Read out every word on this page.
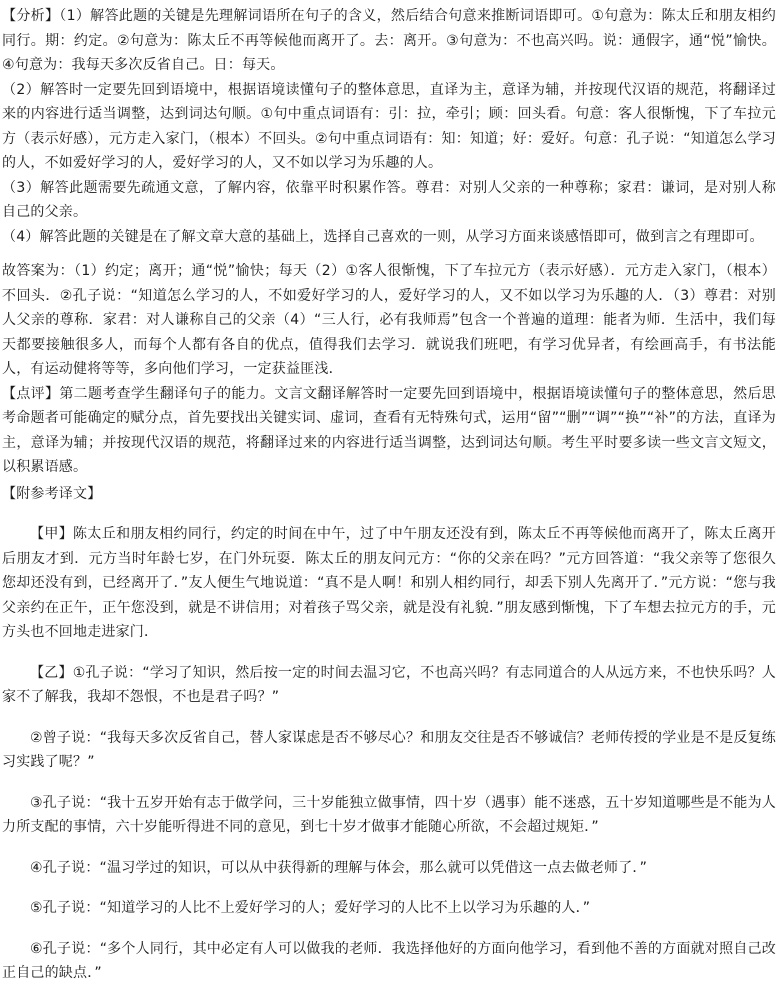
【分析】（1）解答此题的关键是先理解词语所在句子的含义，然后结合句意来推断词语即可。①句意为：陈太丘和朋友相约同行。期：约定。②句意为：陈太丘不再等候他而离开了。去：离开。③句意为：不也高兴吗。说：通假字，通“悦”愉快。④句意为：我每天多次反省自己。日：每天。

（2）解答时一定要先回到语境中，根据语境读懂句子的整体意思，直译为主，意译为辅，并按现代汉语的规范，将翻译过来的内容进行适当调整，达到词达句顺。①句中重点词语有：引：拉，牵引；顾：回头看。句意：客人很惭愧，下了车拉元方（表示好感），元方走入家门，（根本）不回头。②句中重点词语有：知：知道；好：爱好。句意：孔子说：“知道怎么学习的人，不如爱好学习的人，爱好学习的人，又不如以学习为乐趣的人。

（3）解答此题需要先疏通文意，了解内容，依靠平时积累作答。尊君：对别人父亲的一种尊称；家君：谦词，是对别人称自己的父亲。

（4）解答此题的关键是在了解文章大意的基础上，选择自己喜欢的一则，从学习方面来谈感悟即可，做到言之有理即可。

故答案为：（1）约定；离开；通“悦”愉快；每天（2）①客人很惭愧，下了车拉元方（表示好感）．元方走入家门，（根本）不回头．②孔子说：“知道怎么学习的人，不如爱好学习的人，爱好学习的人，又不如以学习为乐趣的人．（3）尊君：对别人父亲的尊称．家君：对人谦称自己的父亲（4）“三人行，必有我师焉”包含一个普遍的道理：能者为师．生活中，我们每天都要接触很多人，而每个人都有各自的优点，值得我们去学习．就说我们班吧，有学习优异者，有绘画高手，有书法能人，有运动健将等等，多向他们学习，一定获益匪浅．

【点评】第二题考查学生翻译句子的能力。文言文翻译解答时一定要先回到语境中，根据语境读懂句子的整体意思，然后思考命题者可能确定的赋分点，首先要找出关键实词、虚词，查看有无特殊句式，运用“留”“删”“调”“换”“补”的方法，直译为主，意译为辅；并按现代汉语的规范，将翻译过来的内容进行适当调整，达到词达句顺。考生平时要多读一些文言文短文，以积累语感。

【附参考译文】

【甲】陈太丘和朋友相约同行，约定的时间在中午，过了中午朋友还没有到，陈太丘不再等候他而离开了，陈太丘离开后朋友才到．元方当时年龄七岁，在门外玩耍．陈太丘的朋友问元方：“你的父亲在吗？”元方回答道：“我父亲等了您很久您却还没有到，已经离开了．”友人便生气地说道：“真不是人啊！和别人相约同行，却丢下别人先离开了．”元方说：“您与我父亲约在正午，正午您没到，就是不讲信用；对着孩子骂父亲，就是没有礼貌．”朋友感到惭愧，下了车想去拉元方的手，元方头也不回地走进家门．

【乙】①孔子说：“学习了知识，然后按一定的时间去温习它，不也高兴吗？有志同道合的人从远方来，不也快乐吗？人家不了解我，我却不怨恨，不也是君子吗？”

②曾子说：“我每天多次反省自己，替人家谋虑是否不够尽心？和朋友交往是否不够诚信？老师传授的学业是不是反复练习实践了呢？”

③孔子说：“我十五岁开始有志于做学问，三十岁能独立做事情，四十岁（遇事）能不迷惑，五十岁知道哪些是不能为人力所支配的事情，六十岁能听得进不同的意见，到七十岁才做事才能随心所欲，不会超过规矩．”

④孔子说：“温习学过的知识，可以从中获得新的理解与体会，那么就可以凭借这一点去做老师了．”

⑤孔子说：“知道学习的人比不上爱好学习的人；爱好学习的人比不上以学习为乐趣的人．”

⑥孔子说：“多个人同行，其中必定有人可以做我的老师．我选择他好的方面向他学习，看到他不善的方面就对照自己改正自己的缺点．”
